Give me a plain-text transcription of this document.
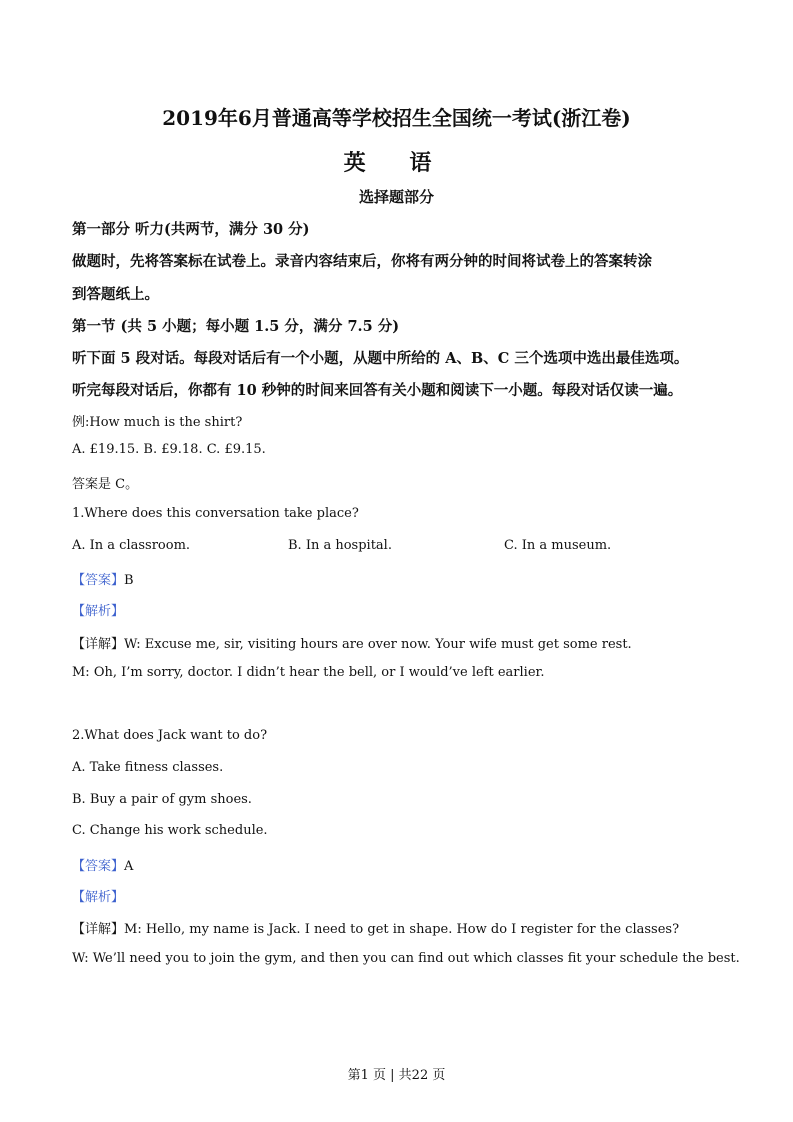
2019年6月普通高等学校招生全国统一考试(浙江卷)
英 语
选择题部分
第一部分 听力(共两节，满分 30 分)
做题时，先将答案标在试卷上。录音内容结束后，你将有两分钟的时间将试卷上的答案转涂
到答题纸上。
第一节 (共 5 小题；每小题 1.5 分，满分 7.5 分)
听下面 5 段对话。每段对话后有一个小题，从题中所给的 A、B、C 三个选项中选出最佳选项。
听完每段对话后，你都有 10 秒钟的时间来回答有关小题和阅读下一小题。每段对话仅读一遍。
例:How much is the shirt?
A. £19.15. B. £9.18. C. £9.15.
答案是 C。
1.Where does this conversation take place?
A. In a classroom.	B. In a hospital.	C. In a museum.
【答案】B
【解析】
【详解】W: Excuse me, sir, visiting hours are over now. Your wife must get some rest.
M: Oh, I’m sorry, doctor. I didn’t hear the bell, or I would’ve left earlier.
2.What does Jack want to do?
A. Take fitness classes.
B. Buy a pair of gym shoes.
C. Change his work schedule.
【答案】A
【解析】
【详解】M: Hello, my name is Jack. I need to get in shape. How do I register for the classes?
W: We’ll need you to join the gym, and then you can find out which classes fit your schedule the best.
第1 页 | 共22 页
